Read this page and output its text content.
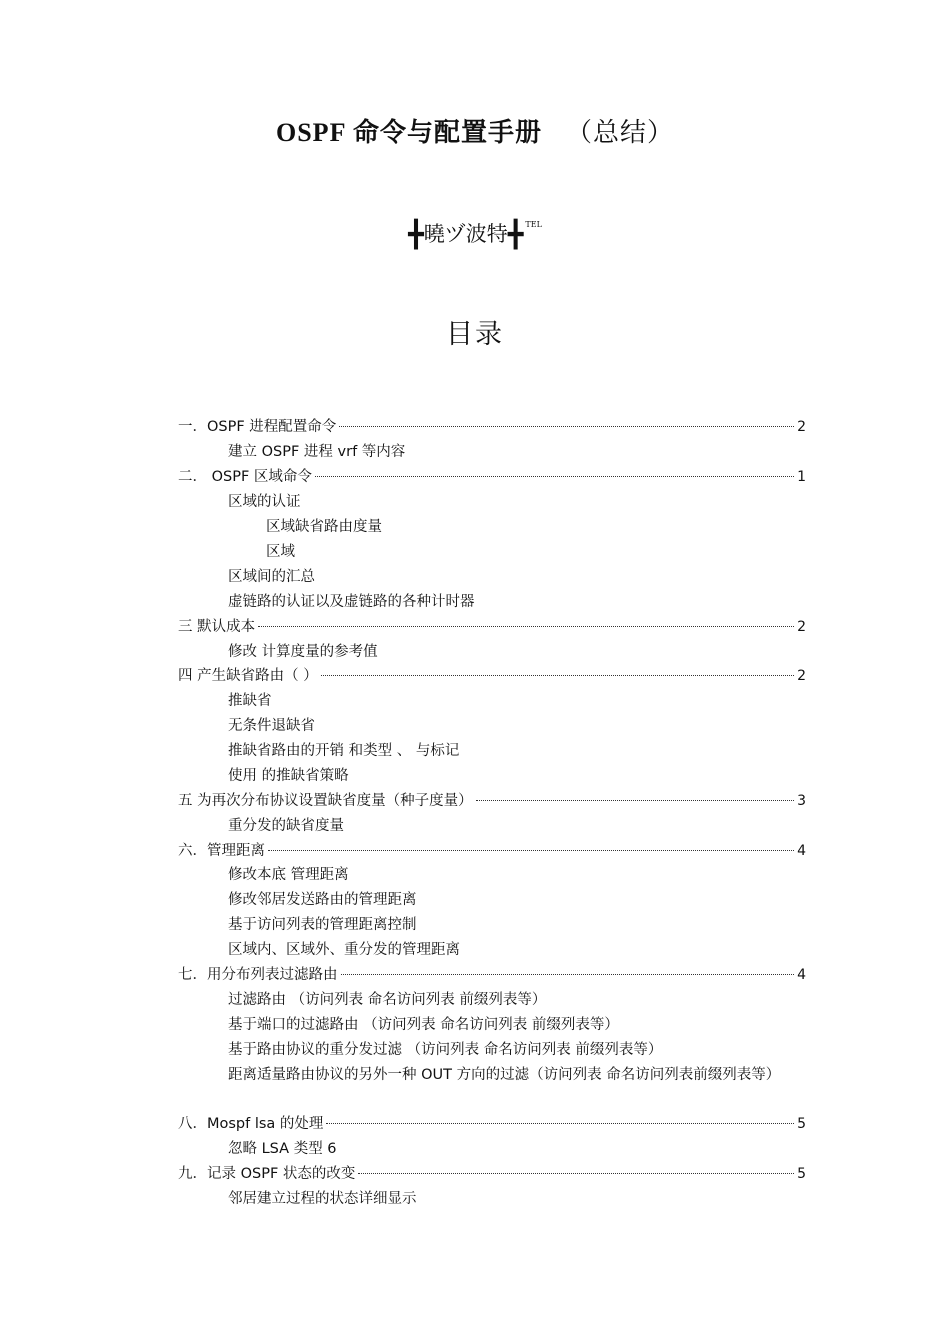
OSPF 命令与配置手册 （总结）
╋曉ヅ波特╋ $^{TEL}$
目录
一．OSPF 进程配置命令	2
建立 OSPF 进程 vrf 等内容
二． OSPF 区域命令	1
区域的认证
区域缺省路由度量
区域
区域间的汇总
虚链路的认证以及虚链路的各种计时器
三 默认成本	2
修改 计算度量的参考值
四 产生缺省路由（ ）	2
推缺省
无条件退缺省
推缺省路由的开销 和类型 、 与标记
使用 的推缺省策略
五 为再次分布协议设置缺省度量（种子度量）	3
重分发的缺省度量
六．管理距离	4
修改本底 管理距离
修改邻居发送路由的管理距离
基于访问列表的管理距离控制
区域内、区域外、重分发的管理距离
七．用分布列表过滤路由	4
过滤路由 （访问列表 命名访问列表 前缀列表等）
基于端口的过滤路由 （访问列表 命名访问列表 前缀列表等）
基于路由协议的重分发过滤 （访问列表 命名访问列表 前缀列表等）
距离适量路由协议的另外一种 OUT 方向的过滤（访问列表 命名访问列表前缀列表等）
八．Mospf lsa 的处理	5
忽略 LSA 类型 6
九．记录 OSPF 状态的改变	5
邻居建立过程的状态详细显示
